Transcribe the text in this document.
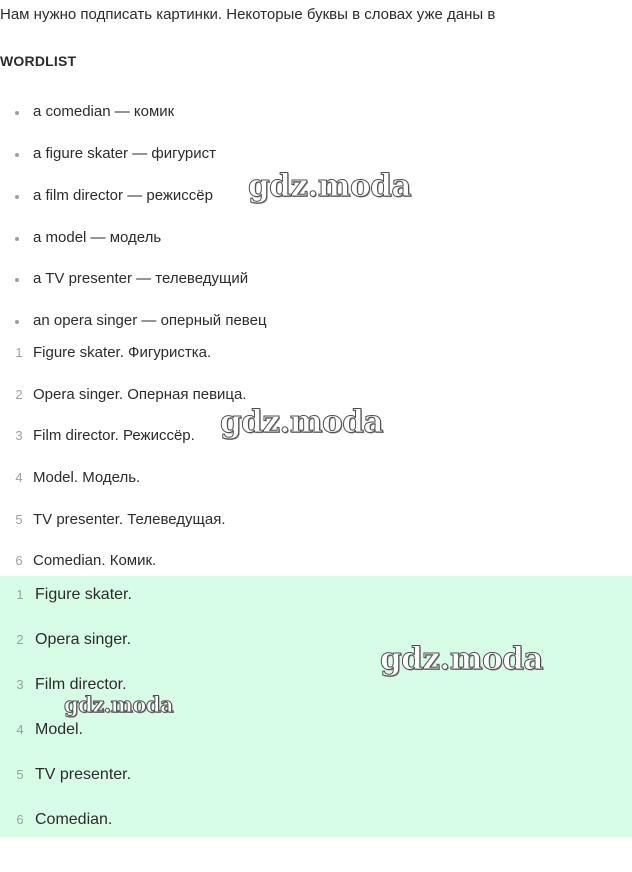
Нам нужно подписать картинки. Некоторые буквы в словах уже даны в
WORDLIST
a comedian — комик
a figure skater — фигурист
a film director — режиссёр
a model — модель
a TV presenter — телеведущий
an opera singer — оперный певец
1 Figure skater. Фигуристка.
2 Opera singer. Оперная певица.
3 Film director. Режиссёр.
4 Model. Модель.
5 TV presenter. Телеведущая.
6 Comedian. Комик.
1 Figure skater.
2 Opera singer.
3 Film director.
4 Model.
5 TV presenter.
6 Comedian.
gdz.moda
gdz.moda
gdz.moda
gdz.moda
